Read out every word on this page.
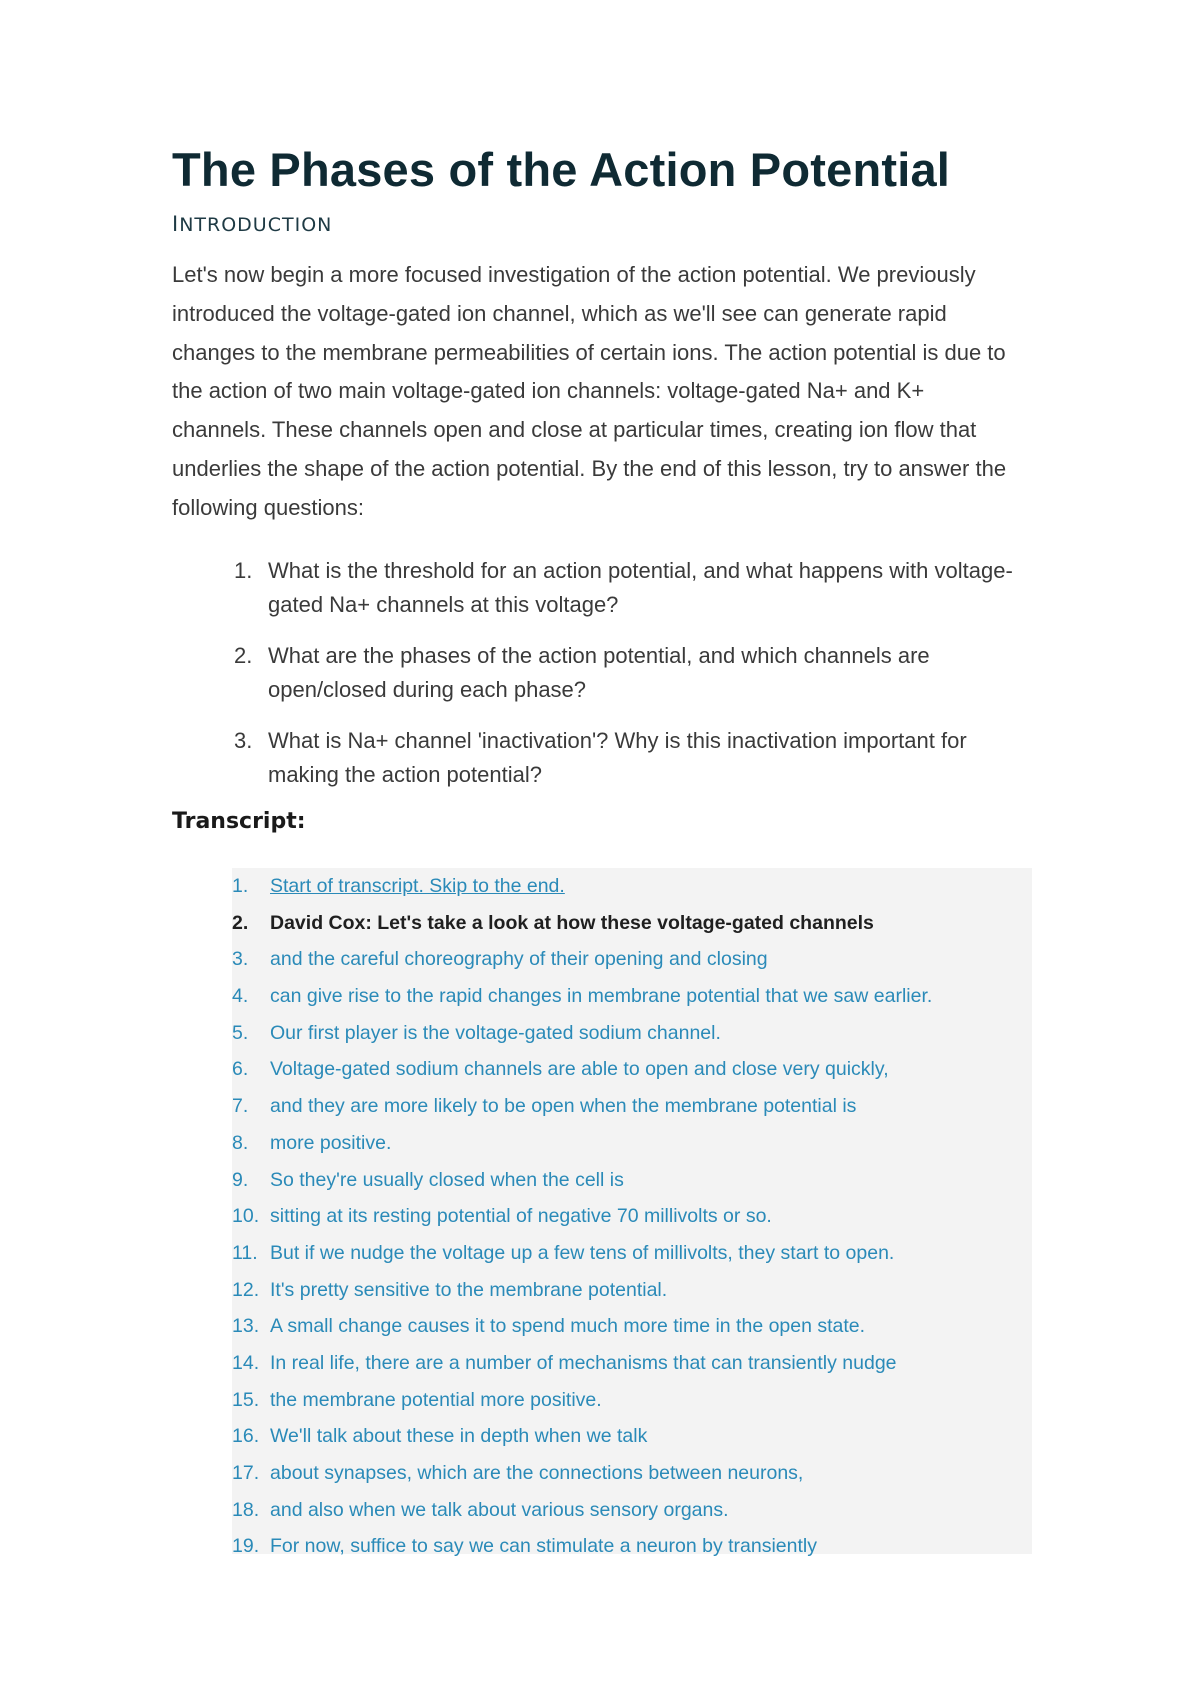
The Phases of the Action Potential
INTRODUCTION

Let's now begin a more focused investigation of the action potential. We previously introduced the voltage-gated ion channel, which as we'll see can generate rapid changes to the membrane permeabilities of certain ions. The action potential is due to the action of two main voltage-gated ion channels: voltage-gated Na+ and K+ channels. These channels open and close at particular times, creating ion flow that underlies the shape of the action potential. By the end of this lesson, try to answer the following questions:

1. What is the threshold for an action potential, and what happens with voltage-gated Na+ channels at this voltage?
2. What are the phases of the action potential, and which channels are open/closed during each phase?
3. What is Na+ channel 'inactivation'? Why is this inactivation important for making the action potential?
Transcript:
1. Start of transcript. Skip to the end.
2. David Cox: Let's take a look at how these voltage-gated channels
3. and the careful choreography of their opening and closing
4. can give rise to the rapid changes in membrane potential that we saw earlier.
5. Our first player is the voltage-gated sodium channel.
6. Voltage-gated sodium channels are able to open and close very quickly,
7. and they are more likely to be open when the membrane potential is
8. more positive.
9. So they're usually closed when the cell is
10. sitting at its resting potential of negative 70 millivolts or so.
11. But if we nudge the voltage up a few tens of millivolts, they start to open.
12. It's pretty sensitive to the membrane potential.
13. A small change causes it to spend much more time in the open state.
14. In real life, there are a number of mechanisms that can transiently nudge
15. the membrane potential more positive.
16. We'll talk about these in depth when we talk
17. about synapses, which are the connections between neurons,
18. and also when we talk about various sensory organs.
19. For now, suffice to say we can stimulate a neuron by transiently
